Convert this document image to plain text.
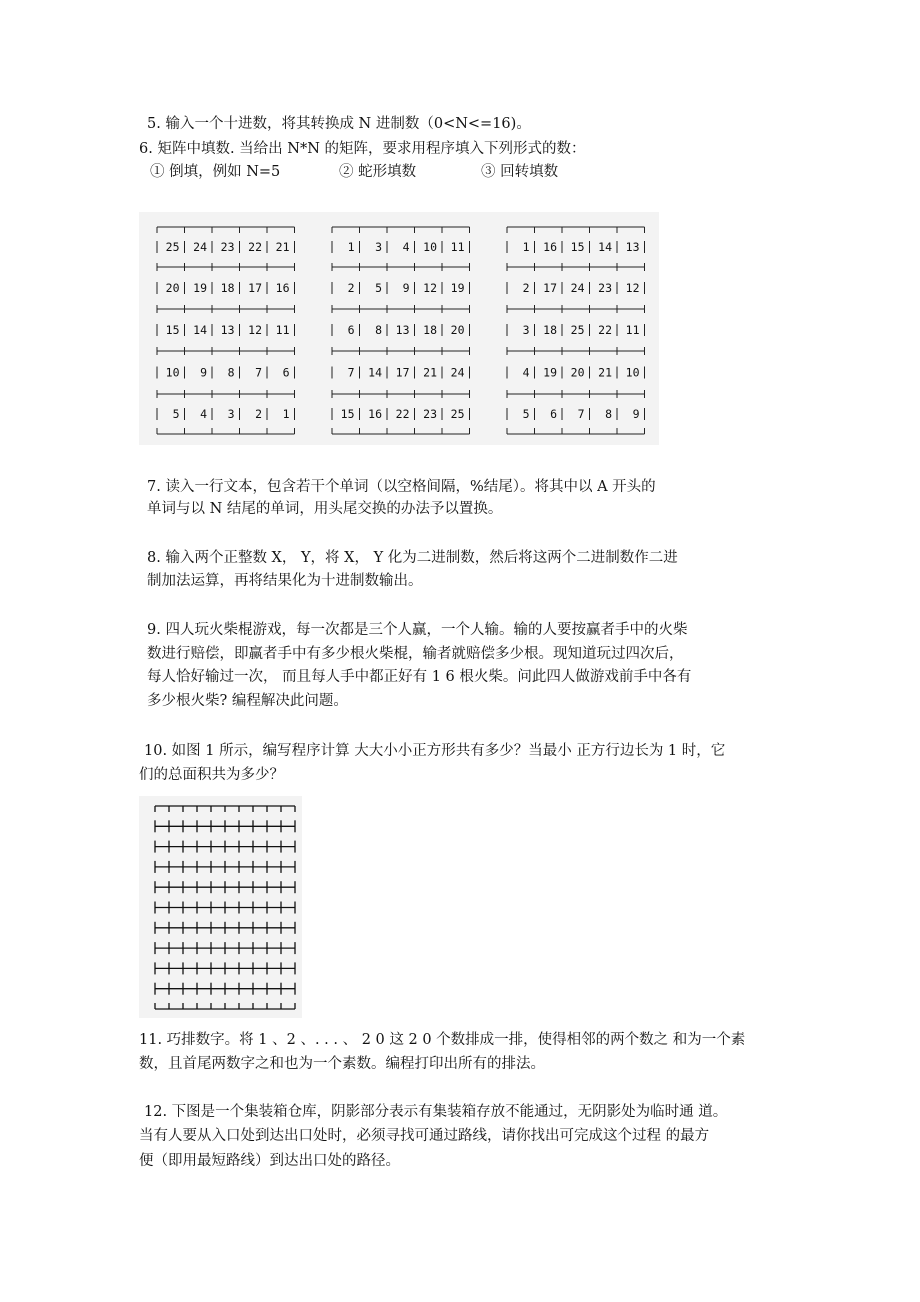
5. 输入一个十进数，将其转换成 N 进制数（0<N<=16)。
6. 矩阵中填数. 当给出 N*N 的矩阵，要求用程序填入下列形式的数：
① 倒填，例如 N=5	② 蛇形填数	③ 回转填数
25 24 23 22 21
20 19 18 17 16
15 14 13 12 11
10 9 8 7 6
5 4 3 2 1
1 3 4 10 11
2 5 9 12 19
6 8 13 18 20
7 14 17 21 24
15 16 22 23 25
1 16 15 14 13
2 17 24 23 12
3 18 25 22 11
4 19 20 21 10
5 6 7 8 9
7. 读入一行文本，包含若干个单词（以空格间隔，%结尾）。将其中以 A 开头的
单词与以 N 结尾的单词，用头尾交换的办法予以置换。
8. 输入两个正整数 X， Y，将 X， Y 化为二进制数，然后将这两个二进制数作二进
制加法运算，再将结果化为十进制数输出。
9. 四人玩火柴棍游戏，每一次都是三个人赢，一个人输。输的人要按赢者手中的火柴
数进行赔偿，即赢者手中有多少根火柴棍，输者就赔偿多少根。现知道玩过四次后，
每人恰好输过一次， 而且每人手中都正好有 1 6 根火柴。问此四人做游戏前手中各有
多少根火柴? 编程解决此问题。
10. 如图 1 所示，编写程序计算 大大小小正方形共有多少？当最小 正方行边长为 1 时，它
们的总面积共为多少？
11. 巧排数字。将 1 、2 、. . . 、 2 0 这 2 0 个数排成一排，使得相邻的两个数之 和为一个素
数，且首尾两数字之和也为一个素数。编程打印出所有的排法。
12. 下图是一个集装箱仓库，阴影部分表示有集装箱存放不能通过，无阴影处为临时通 道。
当有人要从入口处到达出口处时，必须寻找可通过路线，请你找出可完成这个过程 的最方
便（即用最短路线）到达出口处的路径。
